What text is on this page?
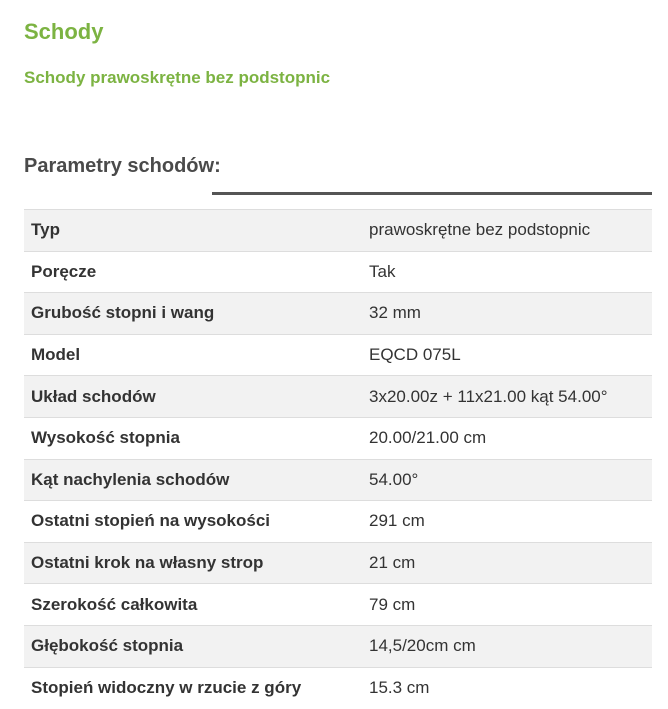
Schody
Schody prawoskrętne bez podstopnic
Parametry schodów:
Typ	prawoskrętne bez podstopnic
Poręcze	Tak
Grubość stopni i wang	32 mm
Model	EQCD 075L
Układ schodów	3x20.00z + 11x21.00 kąt 54.00°
Wysokość stopnia	20.00/21.00 cm
Kąt nachylenia schodów	54.00°
Ostatni stopień na wysokości	291 cm
Ostatni krok na własny strop	21 cm
Szerokość całkowita	79 cm
Głębokość stopnia	14,5/20cm cm
Stopień widoczny w rzucie z góry	15.3 cm
